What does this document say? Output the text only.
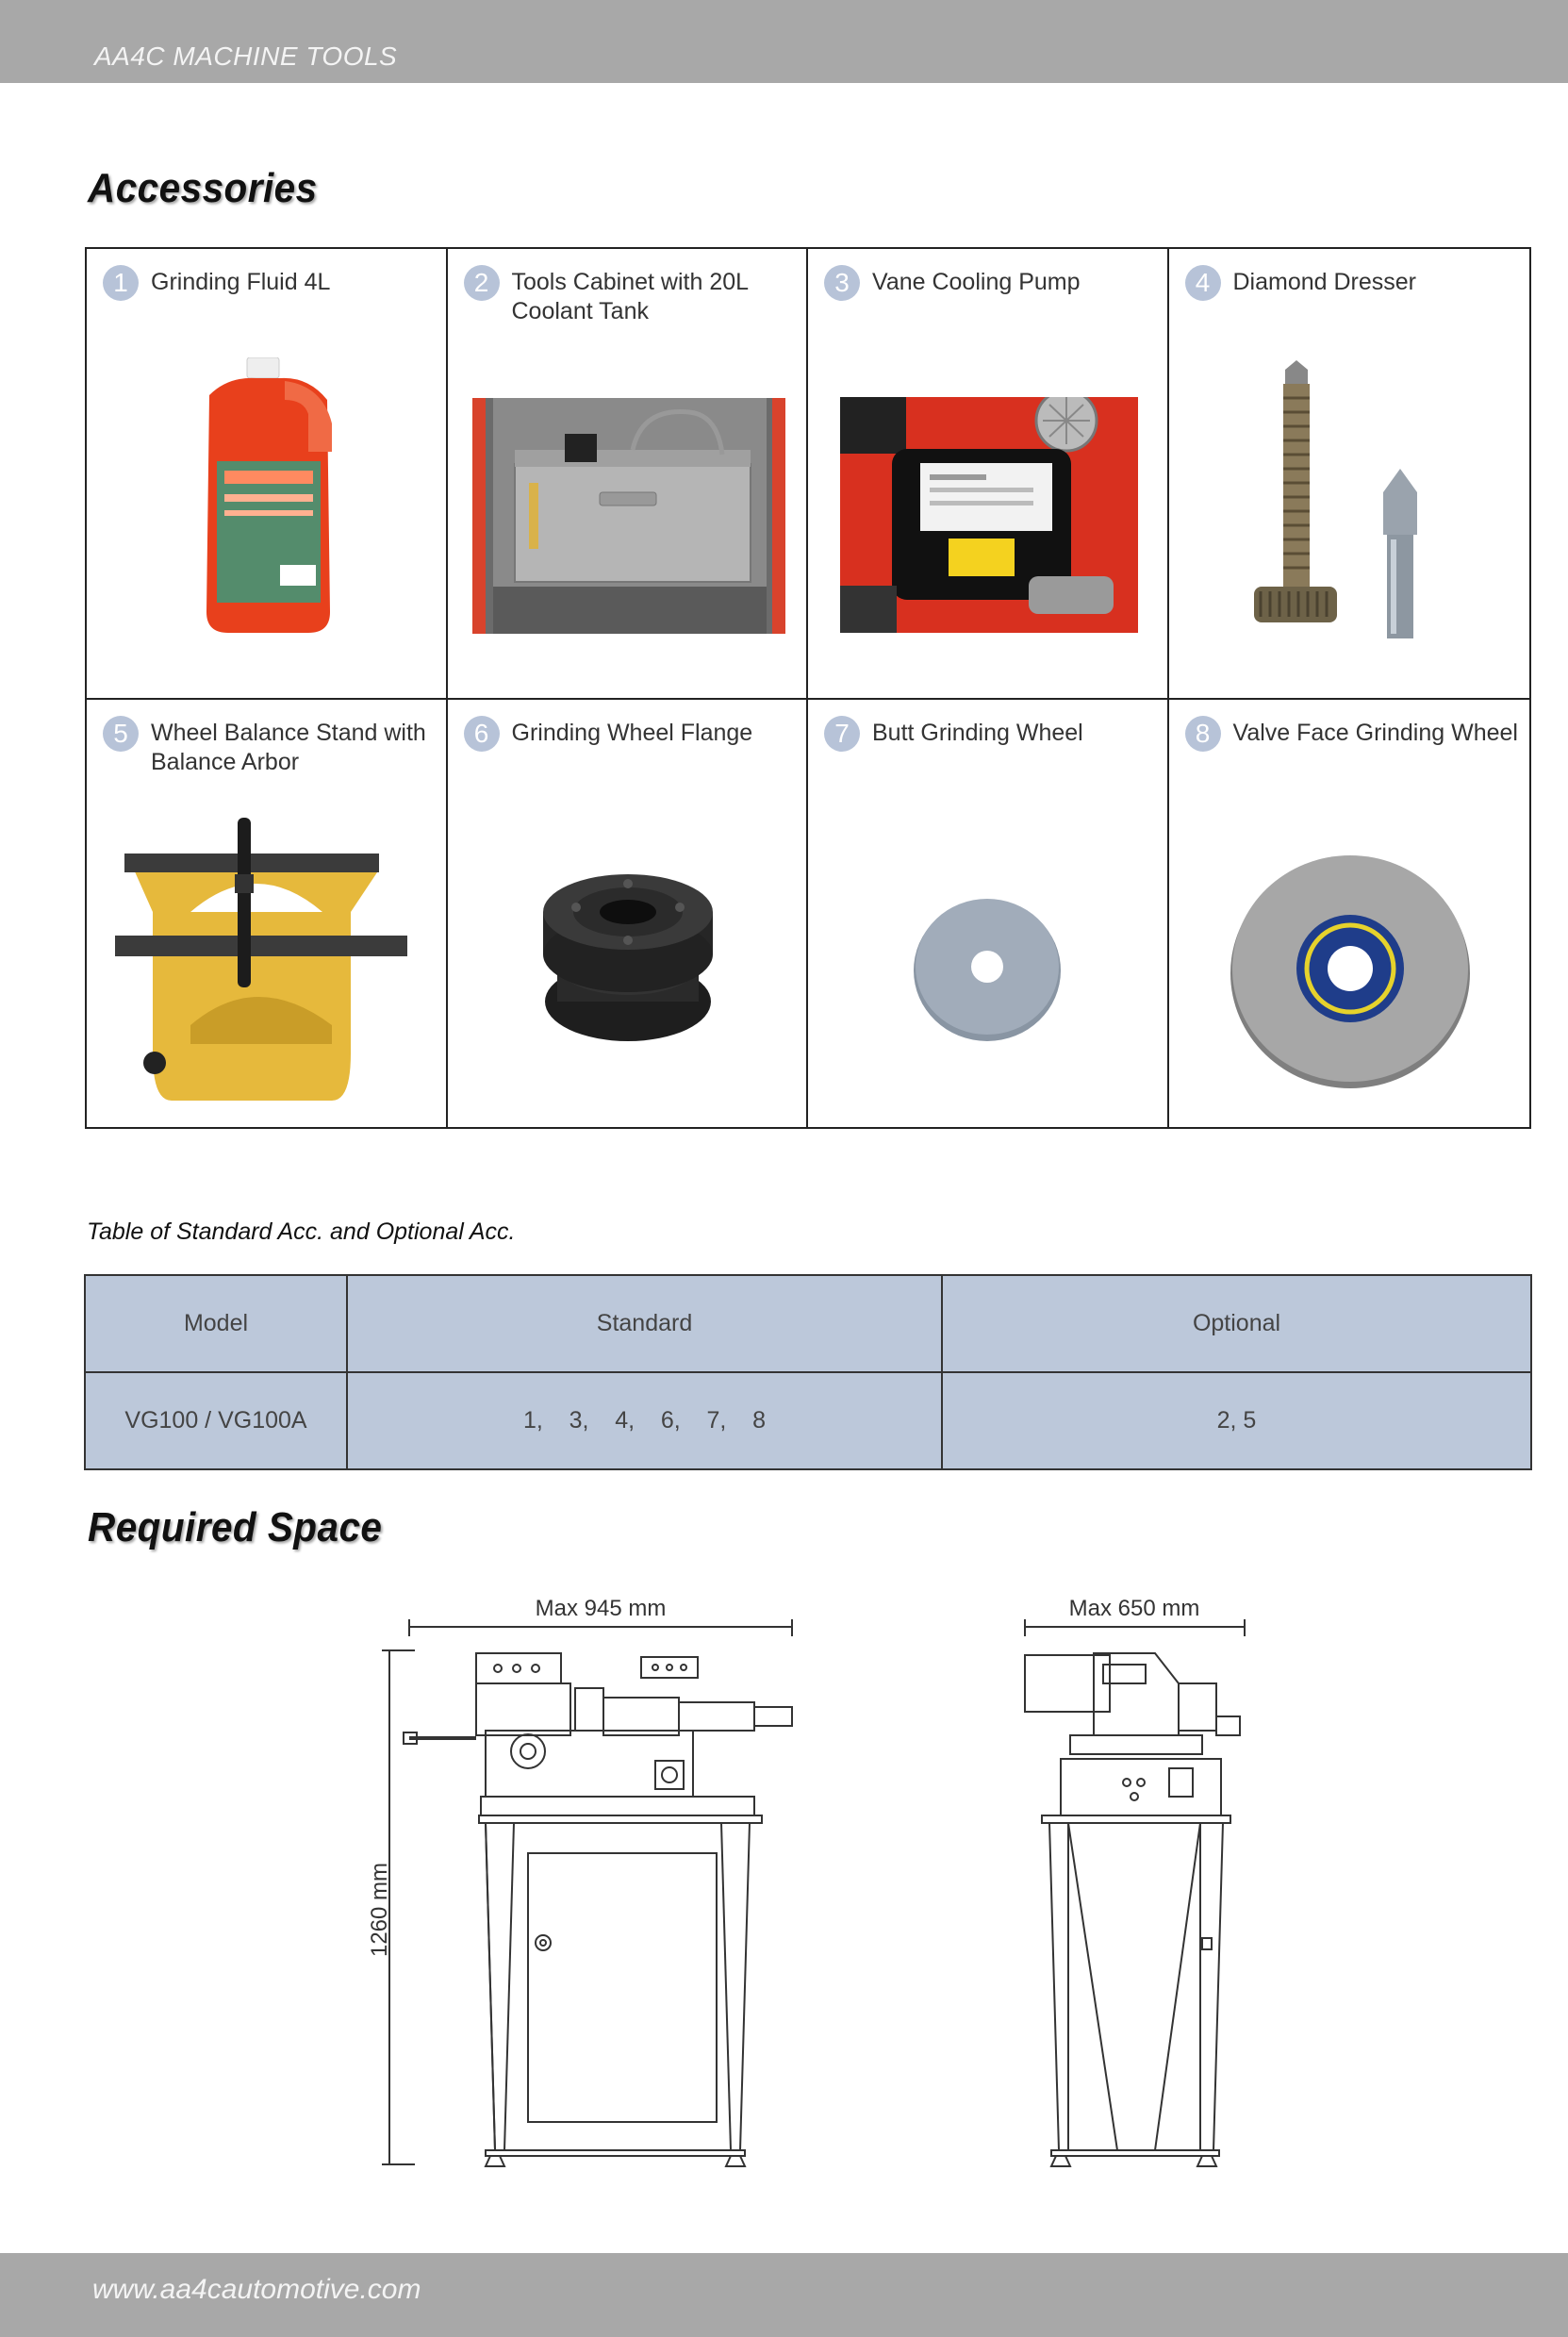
AA4C MACHINE TOOLS
Accessories
1 Grinding Fluid 4L	2 Tools Cabinet with 20L Coolant Tank
3 Vane Cooling Pump	4 Diamond Dresser
5 Wheel Balance Stand with Balance Arbor
6 Grinding Wheel Flange	7 Butt Grinding Wheel	8 Valve Face Grinding Wheel
Table of Standard Acc. and Optional Acc.
Model	Standard	Optional
VG100 / VG100A	1,    3,    4,    6,    7,    8	2, 5
Required Space
Max 945 mm
1260 mm
Max 650 mm
www.aa4cautomotive.com
